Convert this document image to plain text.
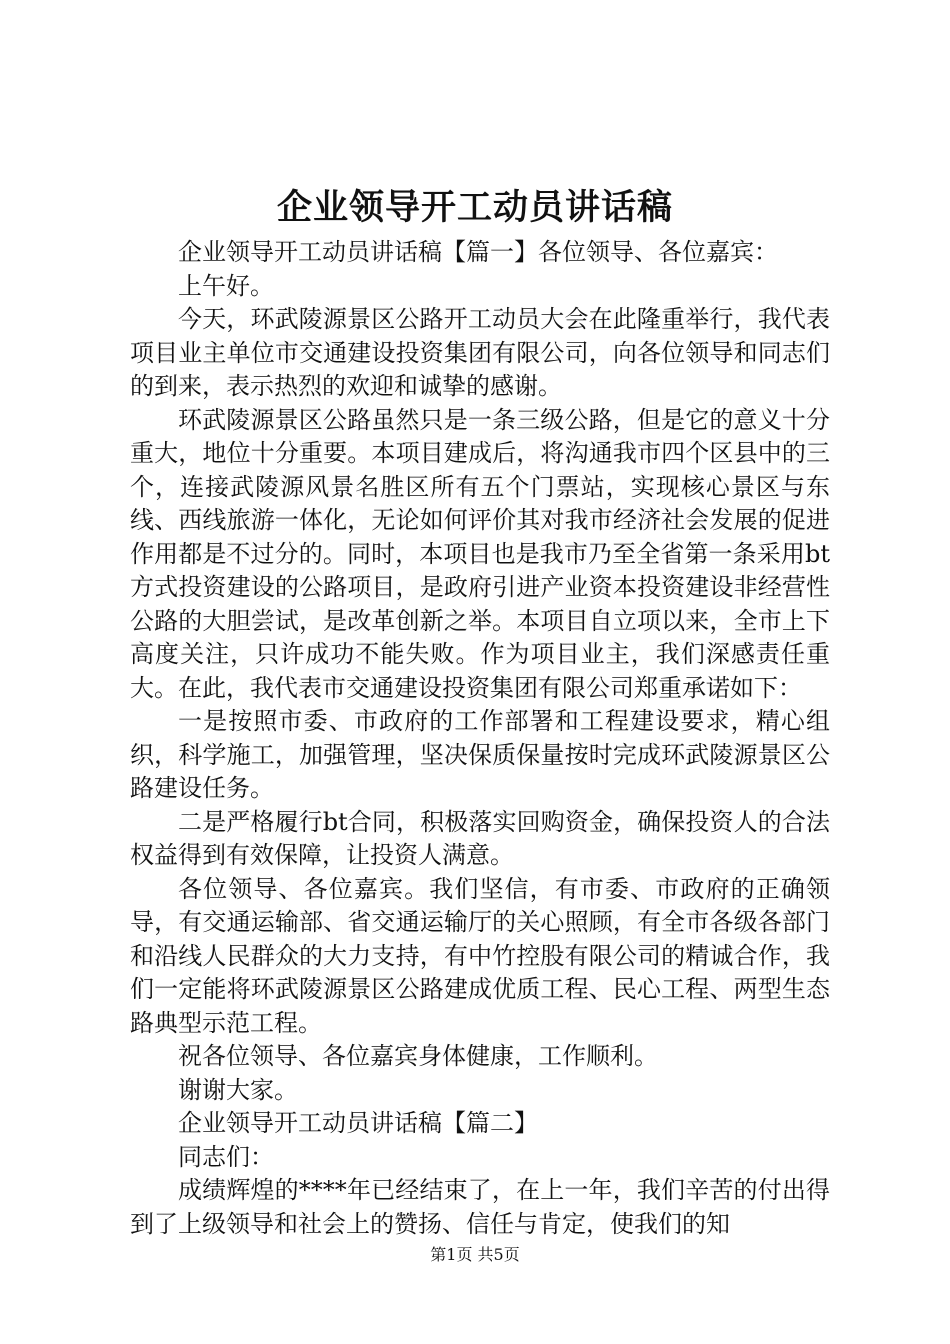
企业领导开工动员讲话稿

企业领导开工动员讲话稿【篇一】各位领导、各位嘉宾：

上午好。

今天，环武陵源景区公路开工动员大会在此隆重举行，我代表项目业主单位市交通建设投资集团有限公司，向各位领导和同志们的到来，表示热烈的欢迎和诚挚的感谢。

环武陵源景区公路虽然只是一条三级公路，但是它的意义十分重大，地位十分重要。本项目建成后，将沟通我市四个区县中的三个，连接武陵源风景名胜区所有五个门票站，实现核心景区与东线、西线旅游一体化，无论如何评价其对我市经济社会发展的促进作用都是不过分的。同时，本项目也是我市乃至全省第一条采用bt方式投资建设的公路项目，是政府引进产业资本投资建设非经营性公路的大胆尝试，是改革创新之举。本项目自立项以来，全市上下高度关注，只许成功不能失败。作为项目业主，我们深感责任重大。在此，我代表市交通建设投资集团有限公司郑重承诺如下：

一是按照市委、市政府的工作部署和工程建设要求，精心组织，科学施工，加强管理，坚决保质保量按时完成环武陵源景区公路建设任务。

二是严格履行bt合同，积极落实回购资金，确保投资人的合法权益得到有效保障，让投资人满意。

各位领导、各位嘉宾。我们坚信，有市委、市政府的正确领导，有交通运输部、省交通运输厅的关心照顾，有全市各级各部门和沿线人民群众的大力支持，有中竹控股有限公司的精诚合作，我们一定能将环武陵源景区公路建成优质工程、民心工程、两型生态路典型示范工程。

祝各位领导、各位嘉宾身体健康，工作顺利。

谢谢大家。

企业领导开工动员讲话稿【篇二】

同志们：

成绩辉煌的****年已经结束了，在上一年，我们辛苦的付出得到了上级领导和社会上的赞扬、信任与肯定，使我们的知

第1页 共5页
